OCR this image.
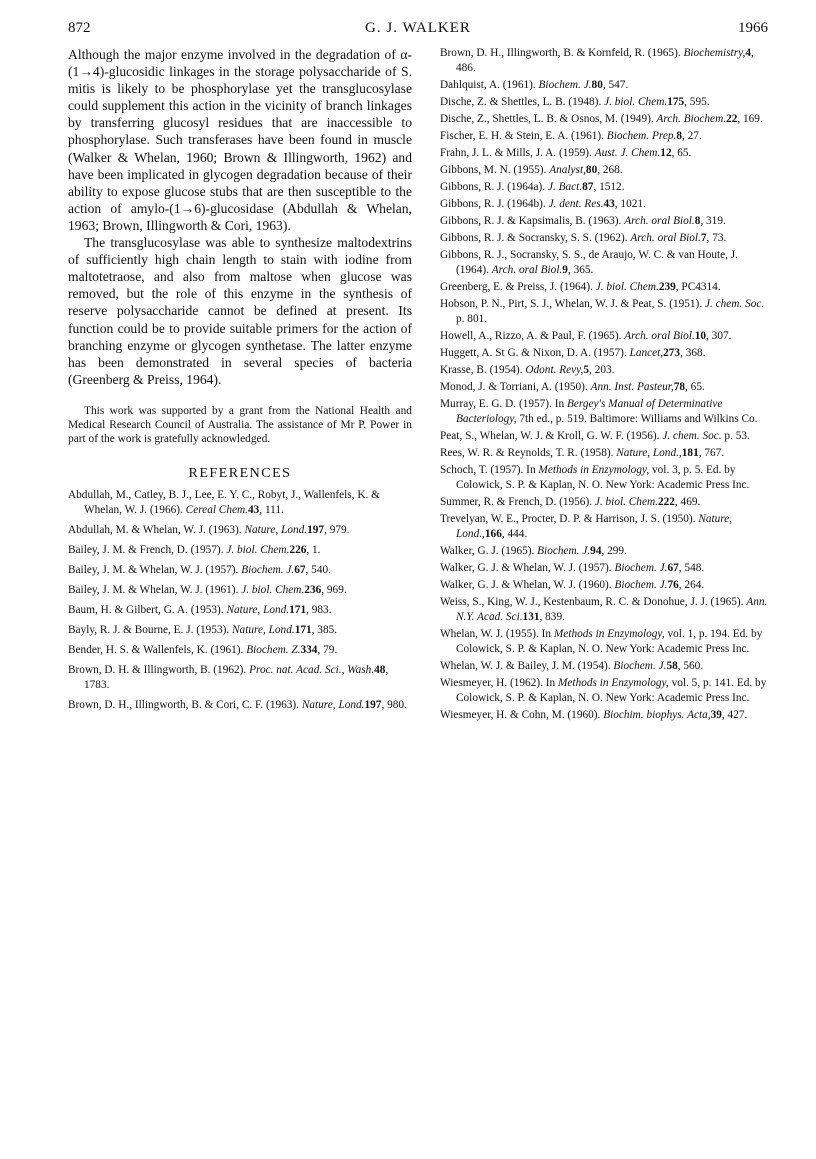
872	G. J. WALKER	1966

Although the major enzyme involved in the degradation of α-(1→4)-glucosidic linkages in the storage polysaccharide of S. mitis is likely to be phosphorylase yet the transglucosylase could supplement this action in the vicinity of branch linkages by transferring glucosyl residues that are inaccessible to phosphorylase. Such transferases have been found in muscle (Walker & Whelan, 1960; Brown & Illingworth, 1962) and have been implicated in glycogen degradation because of their ability to expose glucose stubs that are then susceptible to the action of amylo-(1→6)-glucosidase (Abdullah & Whelan, 1963; Brown, Illingworth & Cori, 1963).

The transglucosylase was able to synthesize maltodextrins of sufficiently high chain length to stain with iodine from maltotetraose, and also from maltose when glucose was removed, but the role of this enzyme in the synthesis of reserve polysaccharide cannot be defined at present. Its function could be to provide suitable primers for the action of branching enzyme or glycogen synthetase. The latter enzyme has been demonstrated in several species of bacteria (Greenberg & Preiss, 1964).

This work was supported by a grant from the National Health and Medical Research Council of Australia. The assistance of Mr P. Power in part of the work is gratefully acknowledged.

REFERENCES
Abdullah, M., Catley, B. J., Lee, E. Y. C., Robyt, J., Wallenfels, K. & Whelan, W. J. (1966). Cereal Chem.43, 111.
Abdullah, M. & Whelan, W. J. (1963). Nature, Lond.197, 979.
Bailey, J. M. & French, D. (1957). J. biol. Chem.226, 1.
Bailey, J. M. & Whelan, W. J. (1957). Biochem. J.67, 540.
Bailey, J. M. & Whelan, W. J. (1961). J. biol. Chem.236, 969.
Baum, H. & Gilbert, G. A. (1953). Nature, Lond.171, 983.
Bayly, R. J. & Bourne, E. J. (1953). Nature, Lond.171, 385.
Bender, H. S. & Wallenfels, K. (1961). Biochem. Z.334, 79.
Brown, D. H. & Illingworth, B. (1962). Proc. nat. Acad. Sci., Wash.48, 1783.
Brown, D. H., Illingworth, B. & Cori, C. F. (1963). Nature, Lond.197, 980.
Brown, D. H., Illingworth, B. & Kornfeld, R. (1965). Biochemistry,4, 486.
Dahlquist, A. (1961). Biochem. J.80, 547.
Dische, Z. & Shettles, L. B. (1948). J. biol. Chem.175, 595.
Dische, Z., Shettles, L. B. & Osnos, M. (1949). Arch. Biochem.22, 169.
Fischer, E. H. & Stein, E. A. (1961). Biochem. Prep.8, 27.
Frahn, J. L. & Mills, J. A. (1959). Aust. J. Chem.12, 65.
Gibbons, M. N. (1955). Analyst,80, 268.
Gibbons, R. J. (1964a). J. Bact.87, 1512.
Gibbons, R. J. (1964b). J. dent. Res.43, 1021.
Gibbons, R. J. & Kapsimalis, B. (1963). Arch. oral Biol.8, 319.
Gibbons, R. J. & Socransky, S. S. (1962). Arch. oral Biol.7, 73.
Gibbons, R. J., Socransky, S. S., de Araujo, W. C. & van Houte, J. (1964). Arch. oral Biol.9, 365.
Greenberg, E. & Preiss, J. (1964). J. biol. Chem.239, PC4314.
Hobson, P. N., Pirt, S. J., Whelan, W. J. & Peat, S. (1951). J. chem. Soc. p. 801.
Howell, A., Rizzo, A. & Paul, F. (1965). Arch. oral Biol.10, 307.
Huggett, A. St G. & Nixon, D. A. (1957). Lancet,273, 368.
Krasse, B. (1954). Odont. Revy,5, 203.
Monod, J. & Torriani, A. (1950). Ann. Inst. Pasteur,78, 65.
Murray, E. G. D. (1957). In Bergey's Manual of Determinative Bacteriology, 7th ed., p. 519. Baltimore: Williams and Wilkins Co.
Peat, S., Whelan, W. J. & Kroll, G. W. F. (1956). J. chem. Soc. p. 53.
Rees, W. R. & Reynolds, T. R. (1958). Nature, Lond.,181, 767.
Schoch, T. (1957). In Methods in Enzymology, vol. 3, p. 5. Ed. by Colowick, S. P. & Kaplan, N. O. New York: Academic Press Inc.
Summer, R. & French, D. (1956). J. biol. Chem.222, 469.
Trevelyan, W. E., Procter, D. P. & Harrison, J. S. (1950). Nature, Lond.,166, 444.
Walker, G. J. (1965). Biochem. J.94, 299.
Walker, G. J. & Whelan, W. J. (1957). Biochem. J.67, 548.
Walker, G. J. & Whelan, W. J. (1960). Biochem. J.76, 264.
Weiss, S., King, W. J., Kestenbaum, R. C. & Donohue, J. J. (1965). Ann. N.Y. Acad. Sci.131, 839.
Whelan, W. J. (1955). In Methods in Enzymology, vol. 1, p. 194. Ed. by Colowick, S. P. & Kaplan, N. O. New York: Academic Press Inc.
Whelan, W. J. & Bailey, J. M. (1954). Biochem. J.58, 560.
Wiesmeyer, H. (1962). In Methods in Enzymology, vol. 5, p. 141. Ed. by Colowick, S. P. & Kaplan, N. O. New York: Academic Press Inc.
Wiesmeyer, H. & Cohn, M. (1960). Biochim. biophys. Acta,39, 427.
